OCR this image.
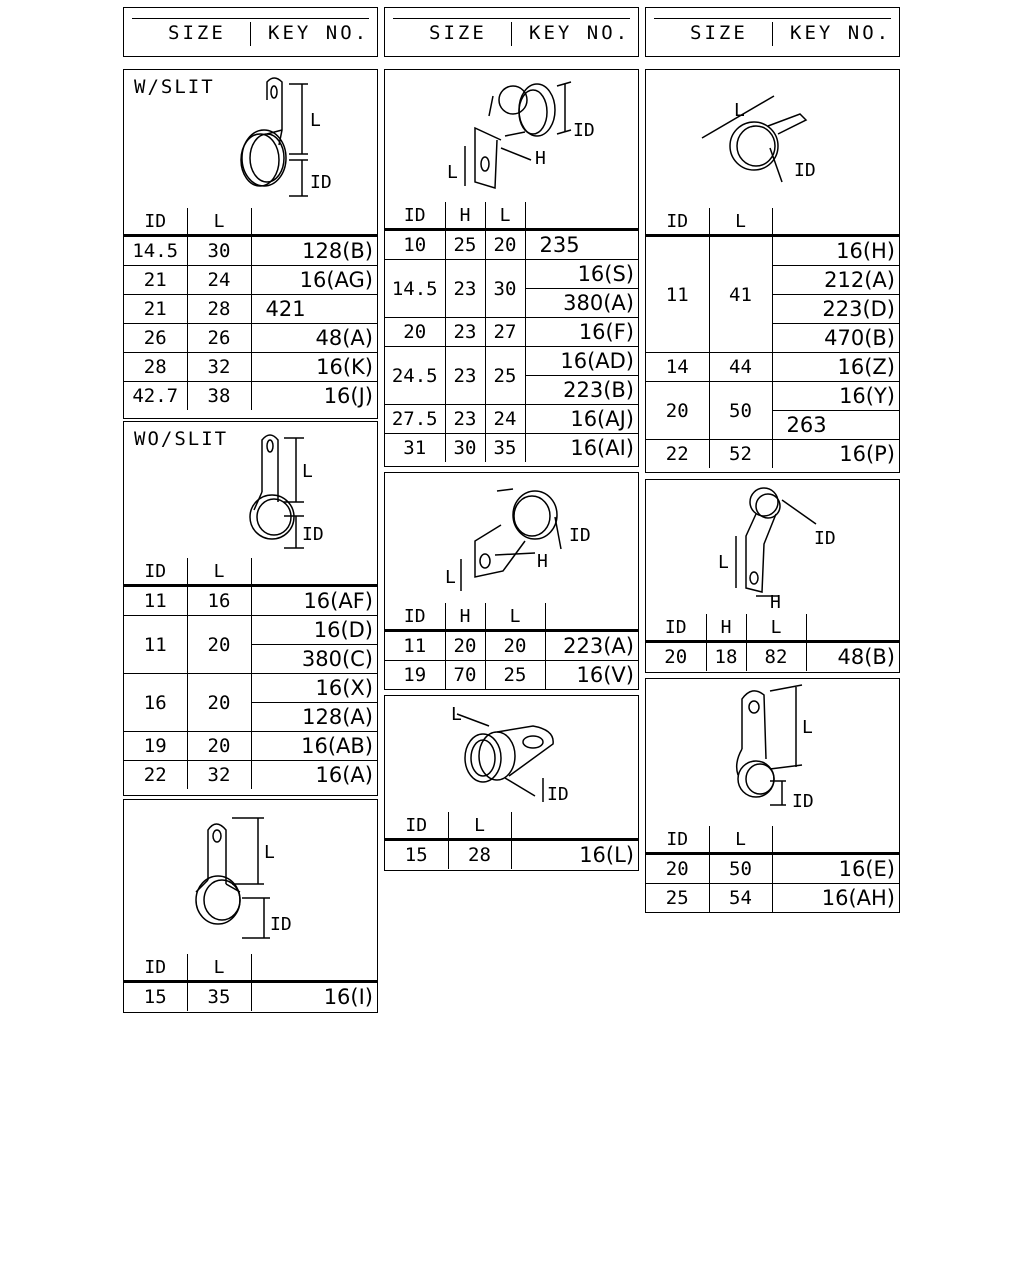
SIZE KEY NO.	SIZE KEY NO.	SIZE KEY NO.
W/SLIT
L
ID
ID	L	
14.5	30	128(B)
21	24	16(AG)
21	28	421
26	26	48(A)
28	32	16(K)
42.7	38	16(J)
WO/SLIT
L
ID
ID	L	
11	16	16(AF)
11	20	16(D)
		380(C)
16	20	16(X)
		128(A)
19	20	16(AB)
22	32	16(A)
L
ID
ID	L	
15	35	16(I)
ID
H
L
ID	H	L	
10	25	20	235
14.5	23	30	16(S)
			380(A)
20	23	27	16(F)
24.5	23	25	16(AD)
			223(B)
27.5	23	24	16(AJ)
31	30	35	16(AI)
ID
H
L
ID	H	L	
11	20	20	223(A)
19	70	25	16(V)
L
ID
ID	L	
15	28	16(L)
L
ID
ID	L	
11	41	16(H)
		212(A)
		223(D)
		470(B)
14	44	16(Z)
20	50	16(Y)
		263
22	52	16(P)
ID
L
H
ID	H	L	
20	18	82	48(B)
L
ID
ID	L	
20	50	16(E)
25	54	16(AH)
